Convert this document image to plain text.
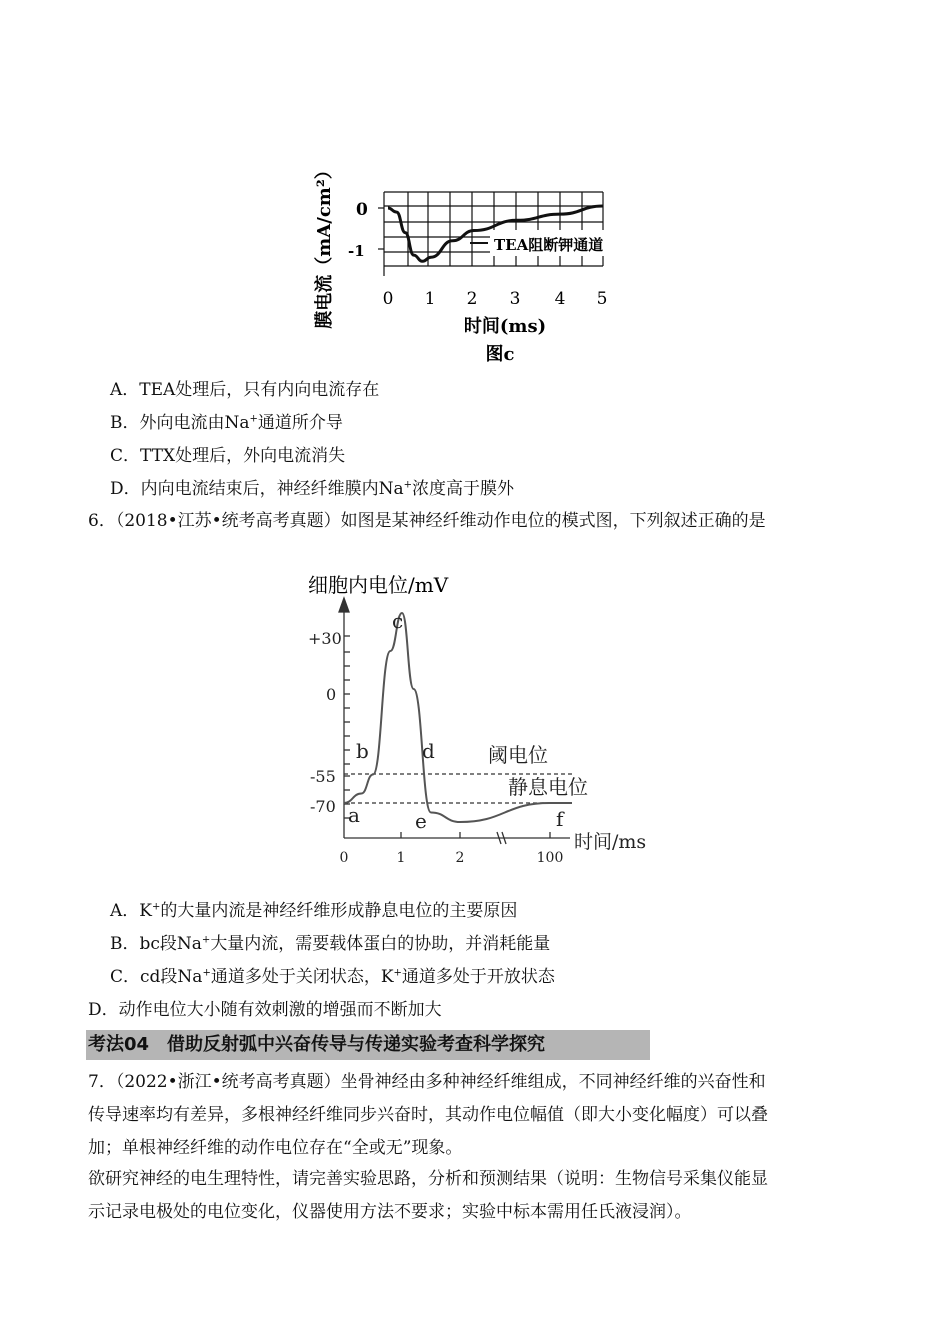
膜电流（mA/cm²）	TEA阻断钾通道
0
-1
0 1 2 3 4 5
时间(ms)
图c
A．TEA处理后，只有内向电流存在
B．外向电流由Na+通道所介导
C．TTX处理后，外向电流消失
D．内向电流结束后，神经纤维膜内Na+浓度高于膜外
6．（2018•江苏•统考高考真题）如图是某神经纤维动作电位的模式图，下列叙述正确的是
细胞内电位/mV
+30
0
-55
-70
0	1	2	100
时间/ms
a
b
c
d
e	f
阈电位
静息电位
A．K+的大量内流是神经纤维形成静息电位的主要原因
B．bc段Na+大量内流，需要载体蛋白的协助，并消耗能量
C．cd段Na+通道多处于关闭状态，K+通道多处于开放状态
D．动作电位大小随有效刺激的增强而不断加大
考法04　借助反射弧中兴奋传导与传递实验考查科学探究
7．（2022•浙江•统考高考真题）坐骨神经由多种神经纤维组成，不同神经纤维的兴奋性和
传导速率均有差异，多根神经纤维同步兴奋时，其动作电位幅值（即大小变化幅度）可以叠
加；单根神经纤维的动作电位存在“全或无”现象。
欲研究神经的电生理特性，请完善实验思路，分析和预测结果（说明：生物信号采集仪能显
示记录电极处的电位变化，仪器使用方法不要求；实验中标本需用任氏液浸润）。
